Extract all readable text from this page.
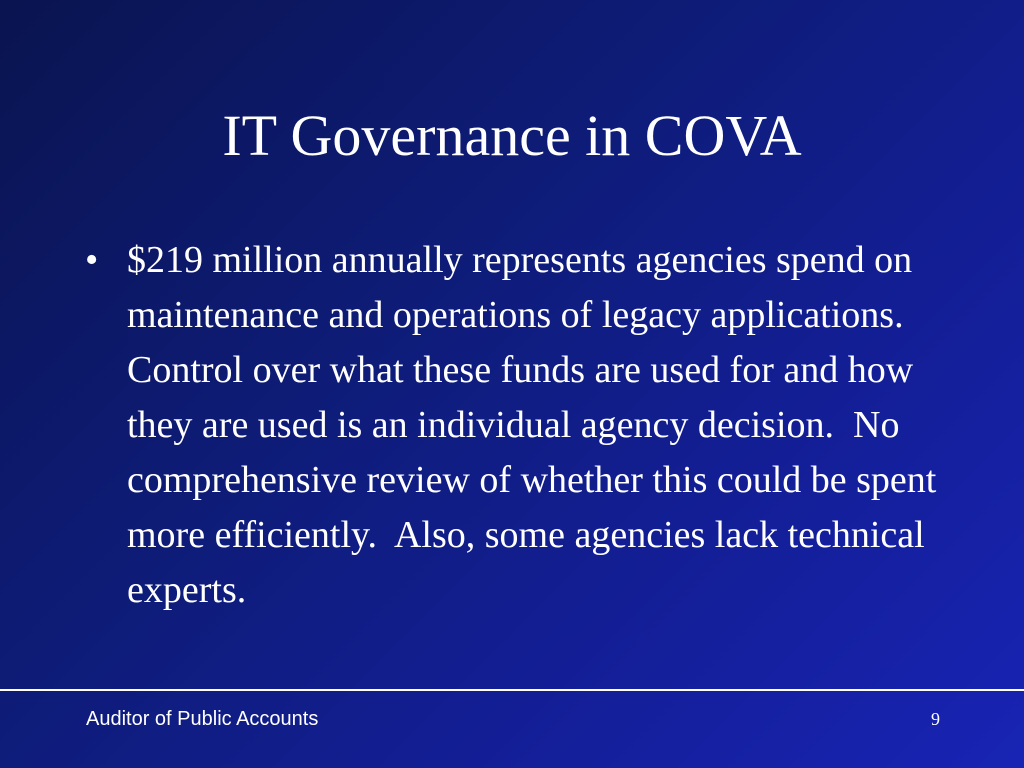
IT Governance in COVA
• $219 million annually represents agencies spend on maintenance and operations of legacy applications.  Control over what these funds are used for and how they are used is an individual agency decision.  No comprehensive review of whether this could be spent more efficiently.  Also, some agencies lack technical experts.
Auditor of Public Accounts	9
